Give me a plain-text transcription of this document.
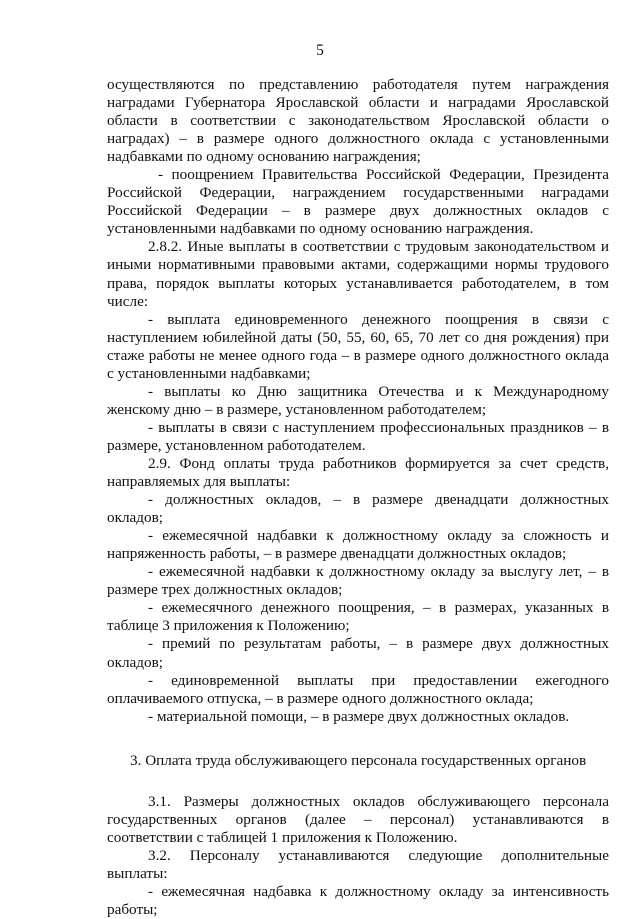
5

осуществляются по представлению работодателя путем награждения наградами Губернатора Ярославской области и наградами Ярославской области в соответствии с законодательством Ярославской области о наградах) – в размере одного должностного оклада с установленными надбавками по одному основанию награждения;

- поощрением Правительства Российской Федерации, Президента Российской Федерации, награждением государственными наградами Российской Федерации – в размере двух должностных окладов с установленными надбавками по одному основанию награждения.

2.8.2. Иные выплаты в соответствии с трудовым законодательством и иными нормативными правовыми актами, содержащими нормы трудового права, порядок выплаты которых устанавливается работодателем, в том числе:

- выплата единовременного денежного поощрения в связи с наступлением юбилейной даты (50, 55, 60, 65, 70 лет со дня рождения) при стаже работы не менее одного года – в размере одного должностного оклада с установленными надбавками;

- выплаты ко Дню защитника Отечества и к Международному женскому дню – в размере, установленном работодателем;

- выплаты в связи с наступлением профессиональных праздников – в размере, установленном работодателем.

2.9. Фонд оплаты труда работников формируется за счет средств, направляемых для выплаты:

- должностных окладов, – в размере двенадцати должностных окладов;

- ежемесячной надбавки к должностному окладу за сложность и напряженность работы, – в размере двенадцати должностных окладов;

- ежемесячной надбавки к должностному окладу за выслугу лет, – в размере трех должностных окладов;

- ежемесячного денежного поощрения, – в размерах, указанных в таблице 3 приложения к Положению;

- премий по результатам работы, – в размере двух должностных окладов;

- единовременной выплаты при предоставлении ежегодного оплачиваемого отпуска, – в размере одного должностного оклада;

- материальной помощи, – в размере двух должностных окладов.

3. Оплата труда обслуживающего персонала государственных органов

3.1. Размеры должностных окладов обслуживающего персонала государственных органов (далее – персонал) устанавливаются в соответствии с таблицей 1 приложения к Положению.

3.2. Персоналу устанавливаются следующие дополнительные выплаты:

- ежемесячная надбавка к должностному окладу за интенсивность работы;
